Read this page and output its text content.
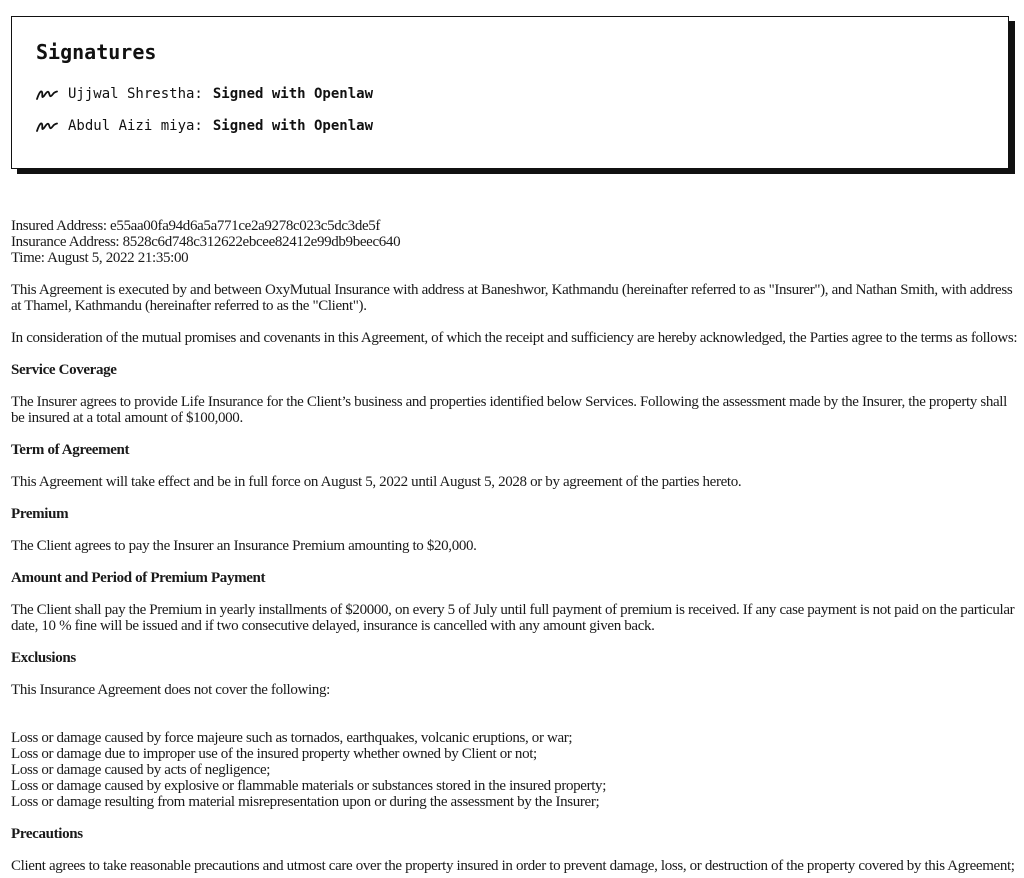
Signatures
Ujjwal Shrestha: Signed with Openlaw
Abdul Aizi miya: Signed with Openlaw

Insured Address: e55aa00fa94d6a5a771ce2a9278c023c5dc3de5f

Insurance Address: 8528c6d748c312622ebcee82412e99db9beec640

Time: August 5, 2022 21:35:00

This Agreement is executed by and between OxyMutual Insurance with address at Baneshwor, Kathmandu (hereinafter referred to as "Insurer"), and Nathan Smith, with address at Thamel, Kathmandu (hereinafter referred to as the "Client").

In consideration of the mutual promises and covenants in this Agreement, of which the receipt and sufficiency are hereby acknowledged, the Parties agree to the terms as follows:

Service Coverage

The Insurer agrees to provide Life Insurance for the Client’s business and properties identified below Services. Following the assessment made by the Insurer, the property shall be insured at a total amount of $100,000.

Term of Agreement

This Agreement will take effect and be in full force on August 5, 2022 until August 5, 2028 or by agreement of the parties hereto.

Premium

The Client agrees to pay the Insurer an Insurance Premium amounting to $20,000.

Amount and Period of Premium Payment

The Client shall pay the Premium in yearly installments of $20000, on every 5 of July until full payment of premium is received. If any case payment is not paid on the particular date, 10 % fine will be issued and if two consecutive delayed, insurance is cancelled with any amount given back.

Exclusions

This Insurance Agreement does not cover the following:

Loss or damage caused by force majeure such as tornados, earthquakes, volcanic eruptions, or war;

Loss or damage due to improper use of the insured property whether owned by Client or not;

Loss or damage caused by acts of negligence;

Loss or damage caused by explosive or flammable materials or substances stored in the insured property;

Loss or damage resulting from material misrepresentation upon or during the assessment by the Insurer;

Precautions

Client agrees to take reasonable precautions and utmost care over the property insured in order to prevent damage, loss, or destruction of the property covered by this Agreement;
